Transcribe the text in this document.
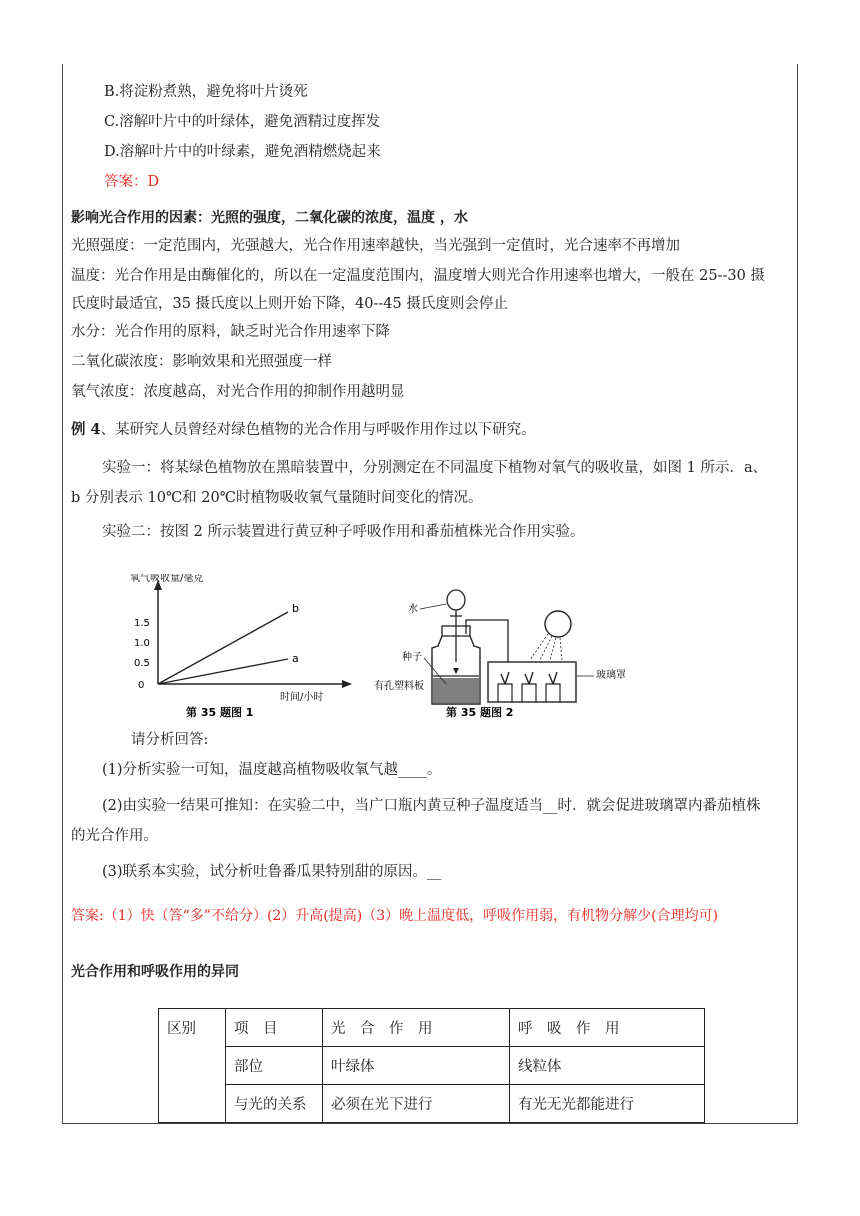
B.将淀粉煮熟，避免将叶片烫死
C.溶解叶片中的叶绿体，避免酒精过度挥发
D.溶解叶片中的叶绿素，避免酒精燃烧起来
答案：D
影响光合作用的因素：光照的强度，二氧化碳的浓度，温度 ，水
光照强度：一定范围内，光强越大，光合作用速率越快，当光强到一定值时，光合速率不再增加
温度：光合作用是由酶催化的，所以在一定温度范围内，温度增大则光合作用速率也增大，一般在 25--30 摄
氏度时最适宜，35 摄氏度以上则开始下降，40--45 摄氏度则会停止
水分：光合作用的原料，缺乏时光合作用速率下降
二氧化碳浓度：影响效果和光照强度一样
氧气浓度：浓度越高，对光合作用的抑制作用越明显
例 4、某研究人员曾经对绿色植物的光合作用与呼吸作用作过以下研究。
实验一：将某绿色植物放在黑暗装置中，分别测定在不同温度下植物对氧气的吸收量，如图 1 所示．a、
b 分别表示 10℃和 20℃时植物吸收氧气量随时间变化的情况。
实验二：按图 2 所示装置进行黄豆种子呼吸作用和番茄植株光合作用实验。
氧气吸收量/毫克
1.5
1.0
0.5
0
b
a
时间/小时
第 35 题图 1
水
种子
有孔塑料板
玻璃罩
第 35 题图 2
请分析回答:
(1)分析实验一可知，温度越高植物吸收氧气越____。
(2)由实验一结果可推知：在实验二中，当广口瓶内黄豆种子温度适当__时．就会促进玻璃罩内番茄植株
的光合作用。
(3)联系本实验，试分析吐鲁番瓜果特别甜的原因。__
答案:（1）快（答“多”不给分）(2）升高(提高)（3）晚上温度低，呼吸作用弱，有机物分解少(合理均可)
光合作用和呼吸作用的异同
区别	项　目	光　合　作　用	呼　吸　作　用
	部位	叶绿体	线粒体
	与光的关系	必须在光下进行	有光无光都能进行
